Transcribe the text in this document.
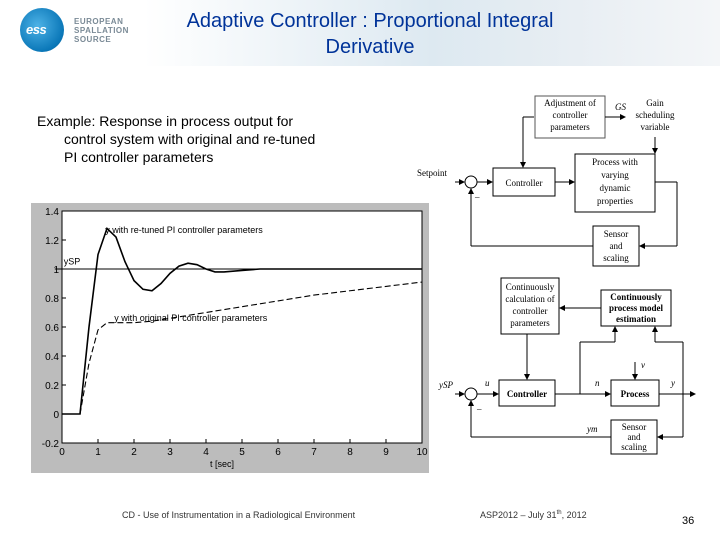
ess
EUROPEAN
SPALLATION
SOURCE
Adaptive Controller : Proportional Integral
Derivative
Example: Response in process output for
control system with original and re-tuned
PI controller parameters
1.4
1.2
1
0.8
0.6
0.4
0.2
0
-0.2
0	1	2	3	4	5	6	7	8	9	10
t [sec]
y with re-tuned PI controller parameters
y with original PI controller parameters
ySP
Adjustment of
controller
parameters
GS Gain
scheduling
variable
Setpoint
–
Controller
Process with
varying
dynamic
properties
Sensor
and
scaling
Continuously
calculation of
controller
parameters
Continuously
process model
estimation
ySP
–
u
Controller
n
v
Process
y
ym	Sensor
and
scaling
CD - Use of Instrumentation in a Radiological Environment	ASP2012 – July 31th, 2012	36
